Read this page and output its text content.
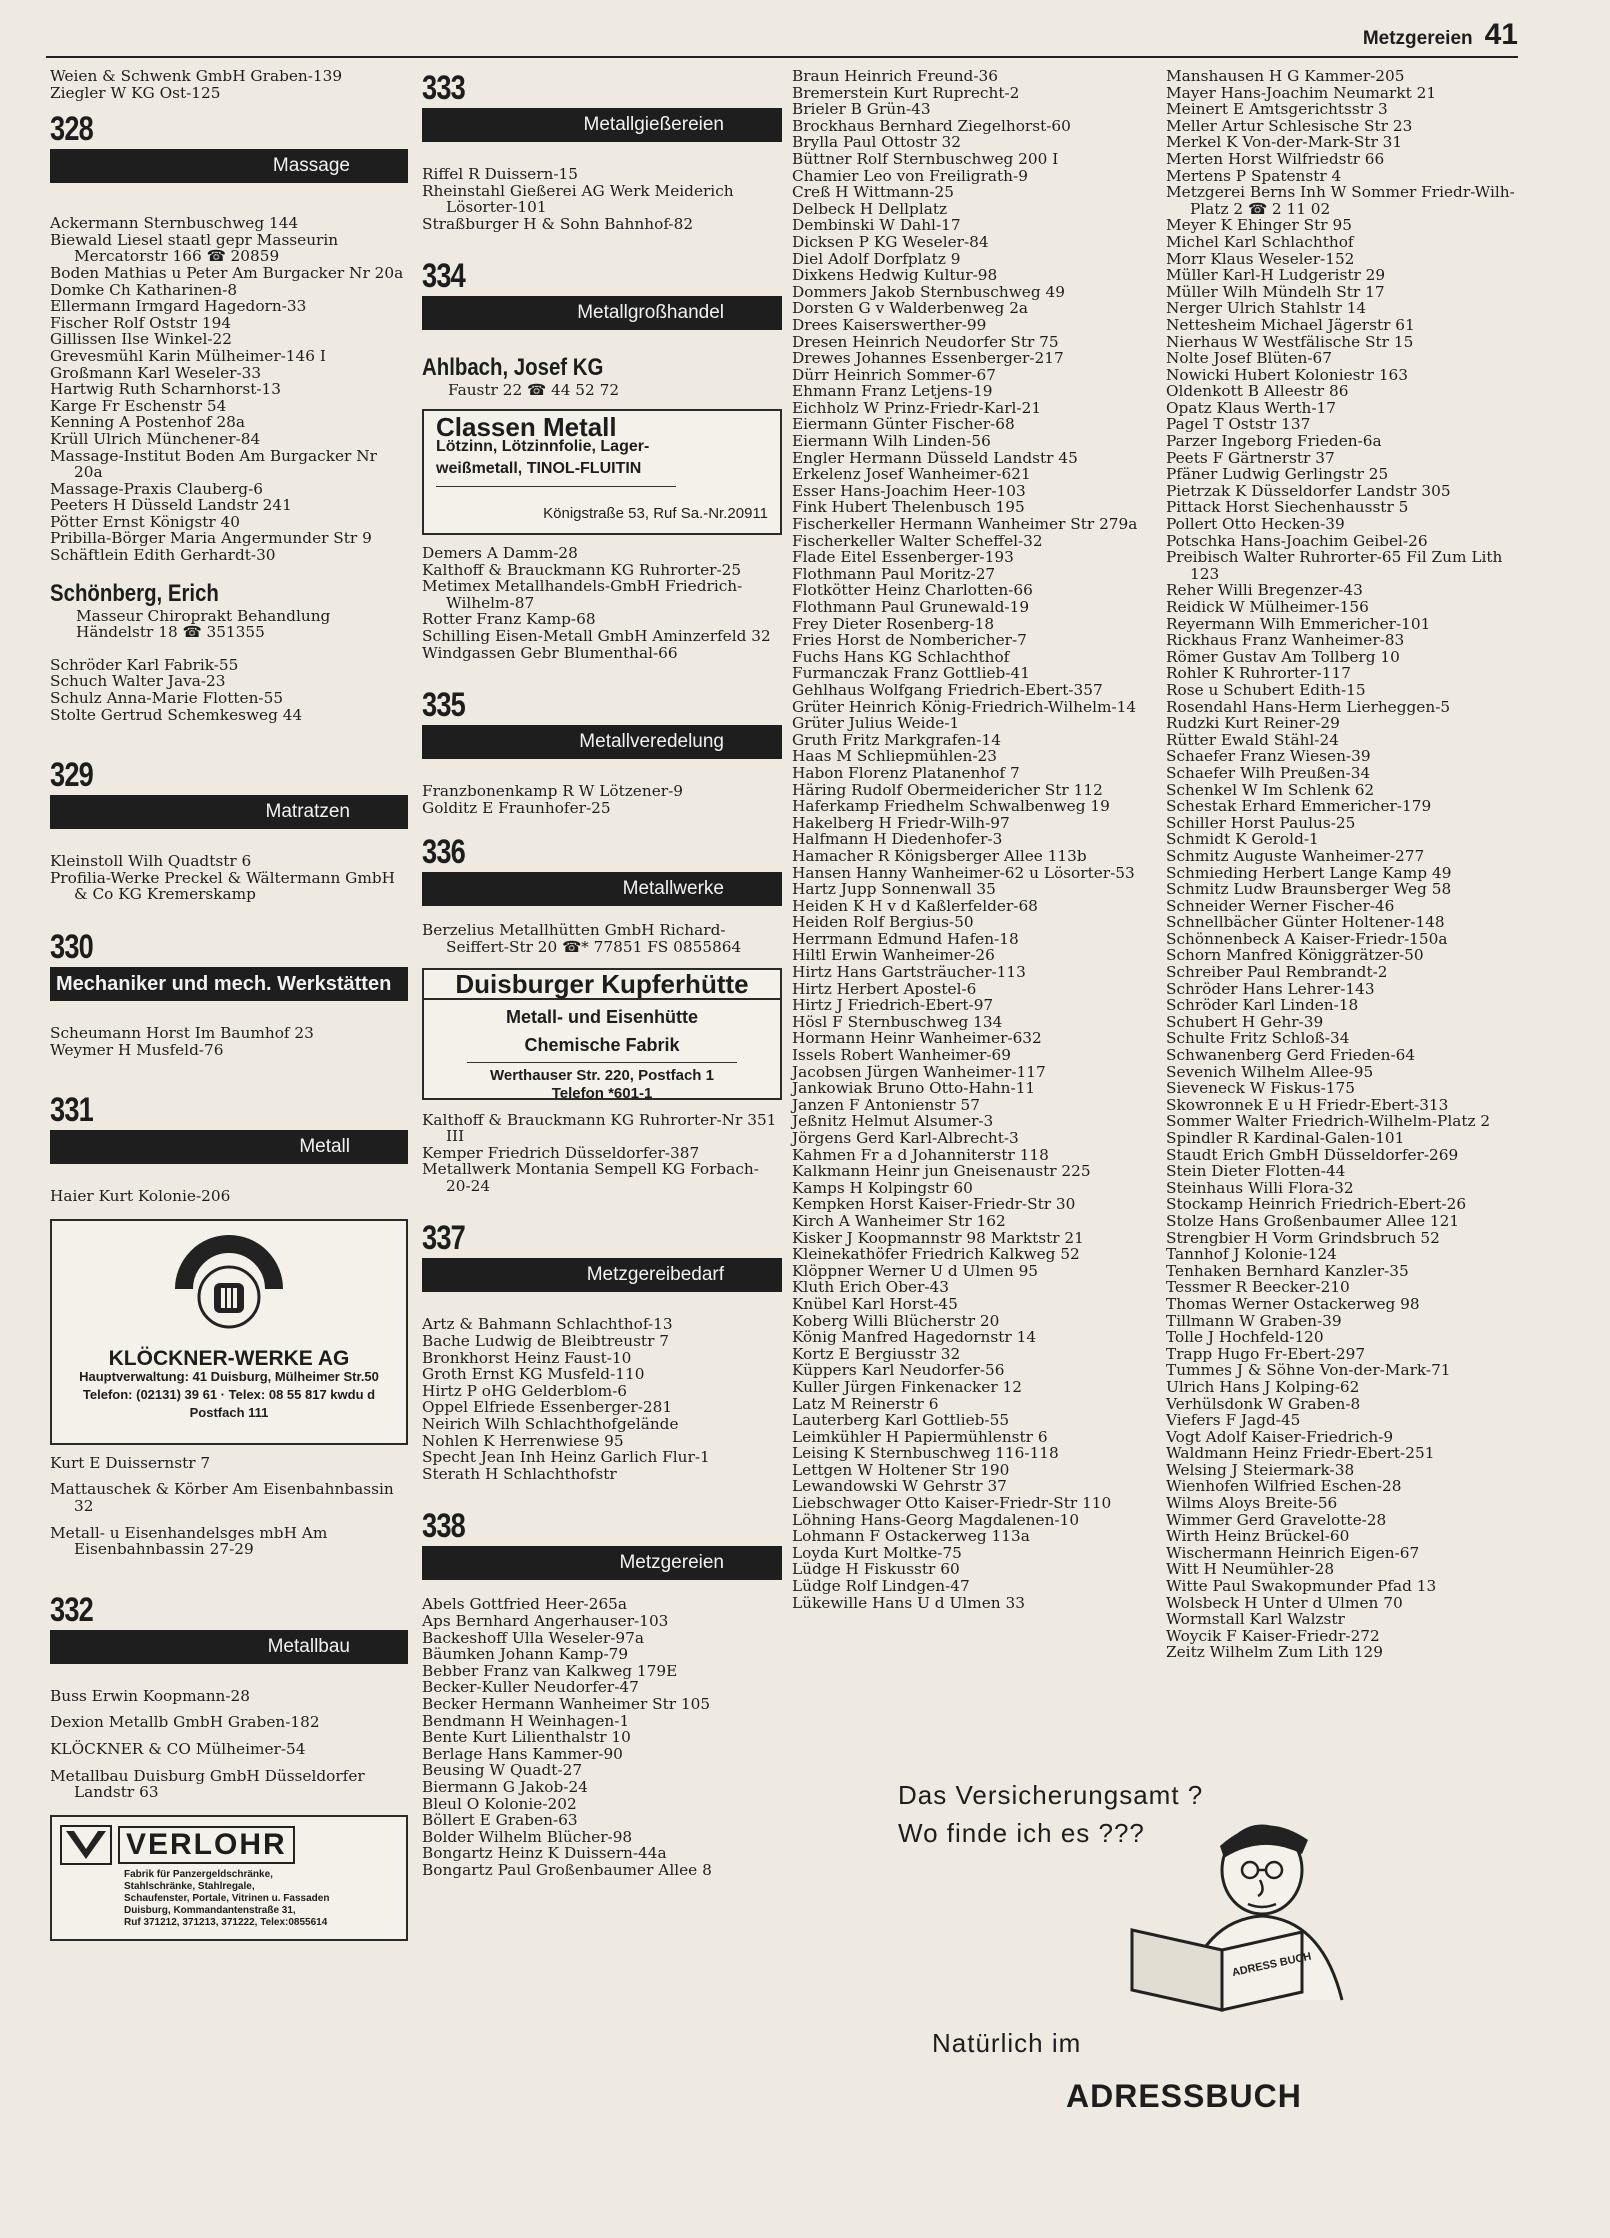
Metzgereien 41
Weien & Schwenk GmbH Graben-139
Ziegler W KG Ost-125
328
Massage
Ackermann Sternbuschweg 144
Biewald Liesel staatl gepr Masseurin Mercatorstr 166 ☎ 20859
Boden Mathias u Peter Am Burgacker Nr 20a
Domke Ch Katharinen-8
Ellermann Irmgard Hagedorn-33
Fischer Rolf Oststr 194
Gillissen Ilse Winkel-22
Grevesmühl Karin Mülheimer-146 I
Großmann Karl Weseler-33
Hartwig Ruth Scharnhorst-13
Karge Fr Eschenstr 54
Kenning A Postenhof 28a
Krüll Ulrich Münchener-84
Massage-Institut Boden Am Burgacker Nr 20a
Massage-Praxis Clauberg-6
Peeters H Düsseld Landstr 241
Pötter Ernst Königstr 40
Pribilla-Börger Maria Angermunder Str 9
Schäftlein Edith Gerhardt-30
Schönberg, Erich
Masseur Chiroprakt Behandlung
Händelstr 18 ☎ 351355
Schröder Karl Fabrik-55
Schuch Walter Java-23
Schulz Anna-Marie Flotten-55
Stolte Gertrud Schemkesweg 44
329
Matratzen
Kleinstoll Wilh Quadtstr 6
Profilia-Werke Preckel & Wältermann GmbH & Co KG Kremerskamp
330
Mechaniker und mech. Werkstätten
Scheumann Horst Im Baumhof 23
Weymer H Musfeld-76
331
Metall
Haier Kurt Kolonie-206
KLÖCKNER-WERKE AG
Hauptverwaltung: 41 Duisburg, Mülheimer Str.50
Telefon: (02131) 39 61 · Telex: 08 55 817 kwdu d
Postfach 111
Kurt E Duissernstr 7
Mattauschek & Körber Am Eisenbahnbassin 32
Metall- u Eisenhandelsges mbH Am Eisenbahnbassin 27-29
332
Metallbau
Buss Erwin Koopmann-28
Dexion Metallb GmbH Graben-182
KLÖCKNER & CO Mülheimer-54
Metallbau Duisburg GmbH Düsseldorfer Landstr 63
VERLOHR
Fabrik für Panzergeldschränke,
Stahlschränke, Stahlregale,
Schaufenster, Portale, Vitrinen u. Fassaden
Duisburg, Kommandantenstraße 31,
Ruf 371212, 371213, 371222, Telex:0855614
333
Metallgießereien
Riffel R Duissern-15
Rheinstahl Gießerei AG Werk Meiderich Lösorter-101
Straßburger H & Sohn Bahnhof-82
334
Metallgroßhandel
Ahlbach, Josef KG
Faustr 22 ☎ 44 52 72
Classen Metall
Lötzinn, Lötzinnfolie, Lager-
weißmetall, TINOL-FLUITIN
Königstraße 53, Ruf Sa.-Nr.20911
Demers A Damm-28
Kalthoff & Brauckmann KG Ruhrorter-25
Metimex Metallhandels-GmbH Friedrich-Wilhelm-87
Rotter Franz Kamp-68
Schilling Eisen-Metall GmbH Aminzerfeld 32
Windgassen Gebr Blumenthal-66
335
Metallveredelung
Franzbonenkamp R W Lötzener-9
Golditz E Fraunhofer-25
336
Metallwerke
Berzelius Metallhütten GmbH Richard-Seiffert-Str 20 ☎* 77851 FS 0855864
Duisburger Kupferhütte
Metall- und Eisenhütte
Chemische Fabrik
Werthauser Str. 220, Postfach 1
Telefon *601-1
Kalthoff & Brauckmann KG Ruhrorter-Nr 351 III
Kemper Friedrich Düsseldorfer-387
Metallwerk Montania Sempell KG Forbach-20-24
337
Metzgereibedarf
Artz & Bahmann Schlachthof-13
Bache Ludwig de Bleibtreustr 7
Bronkhorst Heinz Faust-10
Groth Ernst KG Musfeld-110
Hirtz P oHG Gelderblom-6
Oppel Elfriede Essenberger-281
Neirich Wilh Schlachthofgelände
Nohlen K Herrenwiese 95
Specht Jean Inh Heinz Garlich Flur-1
Sterath H Schlachthofstr
338
Metzgereien
Abels Gottfried Heer-265a
Aps Bernhard Angerhauser-103
Backeshoff Ulla Weseler-97a
Bäumken Johann Kamp-79
Bebber Franz van Kalkweg 179E
Becker-Kuller Neudorfer-47
Becker Hermann Wanheimer Str 105
Bendmann H Weinhagen-1
Bente Kurt Lilienthalstr 10
Berlage Hans Kammer-90
Beusing W Quadt-27
Biermann G Jakob-24
Bleul O Kolonie-202
Böllert E Graben-63
Bolder Wilhelm Blücher-98
Bongartz Heinz K Duissern-44a
Bongartz Paul Großenbaumer Allee 8
Braun Heinrich Freund-36
Bremerstein Kurt Ruprecht-2
Brieler B Grün-43
Brockhaus Bernhard Ziegelhorst-60
Brylla Paul Ottostr 32
Büttner Rolf Sternbuschweg 200 I
Chamier Leo von Freiligrath-9
Creß H Wittmann-25
Delbeck H Dellplatz
Dembinski W Dahl-17
Dicksen P KG Weseler-84
Diel Adolf Dorfplatz 9
Dixkens Hedwig Kultur-98
Dommers Jakob Sternbuschweg 49
Dorsten G v Walderbenweg 2a
Drees Kaiserswerther-99
Dresen Heinrich Neudorfer Str 75
Drewes Johannes Essenberger-217
Dürr Heinrich Sommer-67
Ehmann Franz Letjens-19
Eichholz W Prinz-Friedr-Karl-21
Eiermann Günter Fischer-68
Eiermann Wilh Linden-56
Engler Hermann Düsseld Landstr 45
Erkelenz Josef Wanheimer-621
Esser Hans-Joachim Heer-103
Fink Hubert Thelenbusch 195
Fischerkeller Hermann Wanheimer Str 279a
Fischerkeller Walter Scheffel-32
Flade Eitel Essenberger-193
Flothmann Paul Moritz-27
Flotkötter Heinz Charlotten-66
Flothmann Paul Grunewald-19
Frey Dieter Rosenberg-18
Fries Horst de Nombericher-7
Fuchs Hans KG Schlachthof
Furmanczak Franz Gottlieb-41
Gehlhaus Wolfgang Friedrich-Ebert-357
Grüter Heinrich König-Friedrich-Wilhelm-14
Grüter Julius Weide-1
Gruth Fritz Markgrafen-14
Haas M Schliepmühlen-23
Habon Florenz Platanenhof 7
Häring Rudolf Obermeidericher Str 112
Haferkamp Friedhelm Schwalbenweg 19
Hakelberg H Friedr-Wilh-97
Halfmann H Diedenhofer-3
Hamacher R Königsberger Allee 113b
Hansen Hanny Wanheimer-62 u Lösorter-53
Hartz Jupp Sonnenwall 35
Heiden K H v d Kaßlerfelder-68
Heiden Rolf Bergius-50
Herrmann Edmund Hafen-18
Hiltl Erwin Wanheimer-26
Hirtz Hans Gartsträucher-113
Hirtz Herbert Apostel-6
Hirtz J Friedrich-Ebert-97
Hösl F Sternbuschweg 134
Hormann Heinr Wanheimer-632
Issels Robert Wanheimer-69
Jacobsen Jürgen Wanheimer-117
Jankowiak Bruno Otto-Hahn-11
Janzen F Antonienstr 57
Jeßnitz Helmut Alsumer-3
Jörgens Gerd Karl-Albrecht-3
Kahmen Fr a d Johanniterstr 118
Kalkmann Heinr jun Gneisenaustr 225
Kamps H Kolpingstr 60
Kempken Horst Kaiser-Friedr-Str 30
Kirch A Wanheimer Str 162
Kisker J Koopmannstr 98 Marktstr 21
Kleinekathöfer Friedrich Kalkweg 52
Klöppner Werner U d Ulmen 95
Kluth Erich Ober-43
Knübel Karl Horst-45
Koberg Willi Blücherstr 20
König Manfred Hagedornstr 14
Kortz E Bergiusstr 32
Küppers Karl Neudorfer-56
Kuller Jürgen Finkenacker 12
Latz M Reinerstr 6
Lauterberg Karl Gottlieb-55
Leimkühler H Papiermühlenstr 6
Leising K Sternbuschweg 116-118
Lettgen W Holtener Str 190
Lewandowski W Gehrstr 37
Liebschwager Otto Kaiser-Friedr-Str 110
Löhning Hans-Georg Magdalenen-10
Lohmann F Ostackerweg 113a
Loyda Kurt Moltke-75
Lüdge H Fiskusstr 60
Lüdge Rolf Lindgen-47
Lükewille Hans U d Ulmen 33
Manshausen H G Kammer-205
Mayer Hans-Joachim Neumarkt 21
Meinert E Amtsgerichtsstr 3
Meller Artur Schlesische Str 23
Merkel K Von-der-Mark-Str 31
Merten Horst Wilfriedstr 66
Mertens P Spatenstr 4
Metzgerei Berns Inh W Sommer Friedr-Wilh-Platz 2 ☎ 2 11 02
Meyer K Ehinger Str 95
Michel Karl Schlachthof
Morr Klaus Weseler-152
Müller Karl-H Ludgeristr 29
Müller Wilh Mündelh Str 17
Nerger Ulrich Stahlstr 14
Nettesheim Michael Jägerstr 61
Nierhaus W Westfälische Str 15
Nolte Josef Blüten-67
Nowicki Hubert Koloniestr 163
Oldenkott B Alleestr 86
Opatz Klaus Werth-17
Pagel T Oststr 137
Parzer Ingeborg Frieden-6a
Peets F Gärtnerstr 37
Pfäner Ludwig Gerlingstr 25
Pietrzak K Düsseldorfer Landstr 305
Pittack Horst Siechenhausstr 5
Pollert Otto Hecken-39
Potschka Hans-Joachim Geibel-26
Preibisch Walter Ruhrorter-65 Fil Zum Lith 123
Reher Willi Bregenzer-43
Reidick W Mülheimer-156
Reyermann Wilh Emmericher-101
Rickhaus Franz Wanheimer-83
Römer Gustav Am Tollberg 10
Rohler K Ruhrorter-117
Rose u Schubert Edith-15
Rosendahl Hans-Herm Lierheggen-5
Rudzki Kurt Reiner-29
Rütter Ewald Stähl-24
Schaefer Franz Wiesen-39
Schaefer Wilh Preußen-34
Schenkel W Im Schlenk 62
Schestak Erhard Emmericher-179
Schiller Horst Paulus-25
Schmidt K Gerold-1
Schmitz Auguste Wanheimer-277
Schmieding Herbert Lange Kamp 49
Schmitz Ludw Braunsberger Weg 58
Schneider Werner Fischer-46
Schnellbächer Günter Holtener-148
Schönnenbeck A Kaiser-Friedr-150a
Schorn Manfred Königgrätzer-50
Schreiber Paul Rembrandt-2
Schröder Hans Lehrer-143
Schröder Karl Linden-18
Schubert H Gehr-39
Schulte Fritz Schloß-34
Schwanenberg Gerd Frieden-64
Sevenich Wilhelm Allee-95
Sieveneck W Fiskus-175
Skowronnek E u H Friedr-Ebert-313
Sommer Walter Friedrich-Wilhelm-Platz 2
Spindler R Kardinal-Galen-101
Staudt Erich GmbH Düsseldorfer-269
Stein Dieter Flotten-44
Steinhaus Willi Flora-32
Stockamp Heinrich Friedrich-Ebert-26
Stolze Hans Großenbaumer Allee 121
Strengbier H Vorm Grindsbruch 52
Tannhof J Kolonie-124
Tenhaken Bernhard Kanzler-35
Tessmer R Beecker-210
Thomas Werner Ostackerweg 98
Tillmann W Graben-39
Tolle J Hochfeld-120
Trapp Hugo Fr-Ebert-297
Tummes J & Söhne Von-der-Mark-71
Ulrich Hans J Kolping-62
Verhülsdonk W Graben-8
Viefers F Jagd-45
Vogt Adolf Kaiser-Friedrich-9
Waldmann Heinz Friedr-Ebert-251
Welsing J Steiermark-38
Wienhofen Wilfried Eschen-28
Wilms Aloys Breite-56
Wimmer Gerd Gravelotte-28
Wirth Heinz Brückel-60
Wischermann Heinrich Eigen-67
Witt H Neumühler-28
Witte Paul Swakopmunder Pfad 13
Wolsbeck H Unter d Ulmen 70
Wormstall Karl Walzstr
Woycik F Kaiser-Friedr-272
Zeitz Wilhelm Zum Lith 129
Das Versicherungsamt ?
Wo finde ich es ???
ADRESS BUCH
Natürlich im
ADRESSBUCH
